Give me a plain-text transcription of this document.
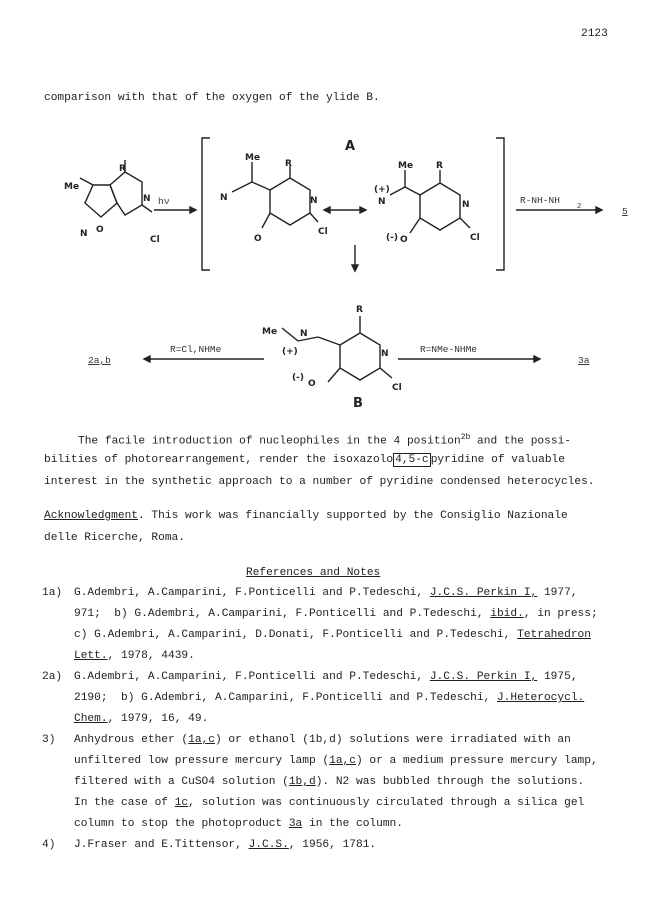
2123
comparison with that of the oxygen of the ylide B.
R
Me
N
N O
Cl
hν
A
Me
R
N	N
O
Cl
Me	R
(+)
N	N
(-) O	Cl
R-NH-NH
2	5
R
Me	N
(+)	N
(-)
O	Cl
B
R=Cl,NHMe
2a,b
R=NMe-NHMe
3a
The facile introduction of nucleophiles in the 4 position$^{2b}$ and the possi-
bilities of photorearrangement, render the isoxazolo 4,5-c pyridine of valuable
interest in the synthetic approach to a number of pyridine condensed heterocycles.
Acknowledgment. This work was financially supported by the Consiglio Nazionale
delle Ricerche, Roma.
References and Notes
1a)	G.Adembri, A.Camparini, F.Ponticelli and P.Tedeschi, J.C.S. Perkin I, 1977,
971;  b) G.Adembri, A.Camparini, F.Ponticelli and P.Tedeschi, ibid., in press;
c) G.Adembri, A.Camparini, D.Donati, F.Ponticelli and P.Tedeschi, Tetrahedron
Lett., 1978, 4439.
2a)	G.Adembri, A.Camparini, F.Ponticelli and P.Tedeschi, J.C.S. Perkin I, 1975,
2190;  b) G.Adembri, A.Camparini, F.Ponticelli and P.Tedeschi, J.Heterocycl.
Chem., 1979, 16, 49.
3)	Anhydrous ether (1a,c) or ethanol (1b,d) solutions were irradiated with an
unfiltered low pressure mercury lamp (1a,c) or a medium pressure mercury lamp,
filtered with a CuSO4 solution (1b,d). N2 was bubbled through the solutions.
In the case of 1c, solution was continuously circulated through a silica gel
column to stop the photoproduct 3a in the column.
4)	J.Fraser and E.Tittensor, J.C.S., 1956, 1781.
